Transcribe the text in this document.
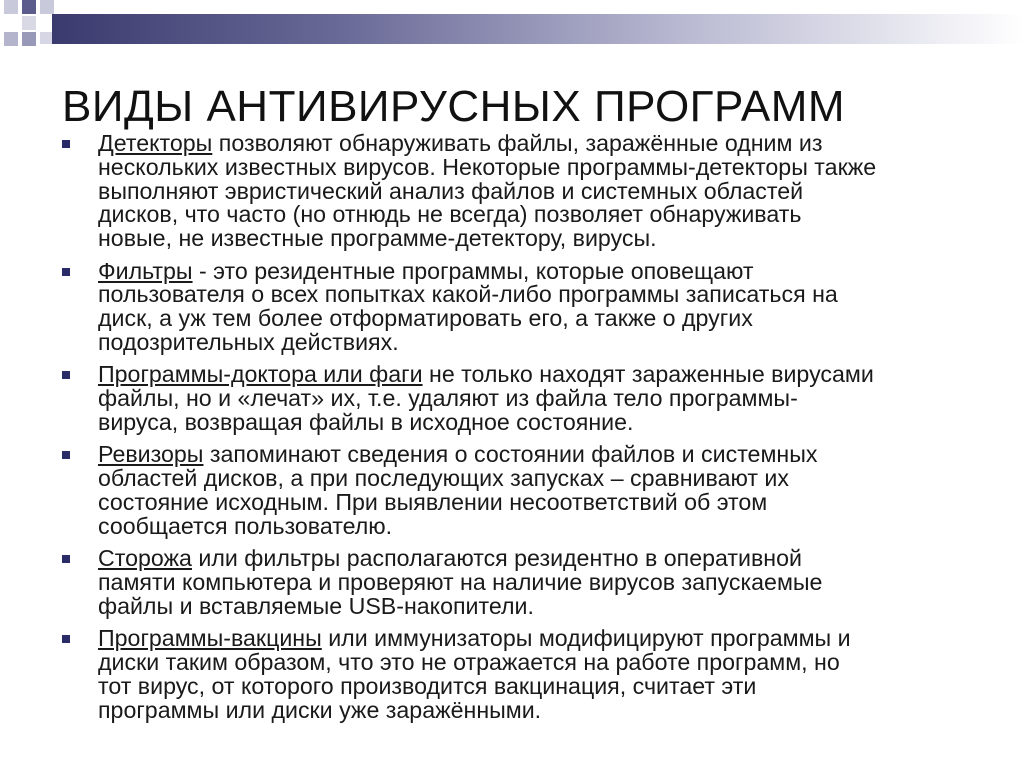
ВИДЫ АНТИВИРУСНЫХ ПРОГРАММ
Детекторы позволяют обнаруживать файлы, заражённые одним из
нескольких известных вирусов. Некоторые программы-детекторы также
выполняют эвристический анализ файлов и системных областей
дисков, что часто (но отнюдь не всегда) позволяет обнаруживать
новые, не известные программе-детектору, вирусы.
Фильтры - это резидентные программы, которые оповещают
пользователя о всех попытках какой-либо программы записаться на
диск, а уж тем более отформатировать его, а также о других
подозрительных действиях.
Программы-доктора или фаги не только находят зараженные вирусами
файлы, но и «лечат» их, т.е. удаляют из файла тело программы-
вируса, возвращая файлы в исходное состояние.
Ревизоры запоминают сведения о состоянии файлов и системных
областей дисков, а при последующих запусках – сравнивают их
состояние исходным. При выявлении несоответствий об этом
сообщается пользователю.
Сторожа или фильтры располагаются резидентно в оперативной
памяти компьютера и проверяют на наличие вирусов запускаемые
файлы и вставляемые USB-накопители.
Программы-вакцины или иммунизаторы модифицируют программы и
диски таким образом, что это не отражается на работе программ, но
тот вирус, от которого производится вакцинация, считает эти
программы или диски уже заражёнными.
